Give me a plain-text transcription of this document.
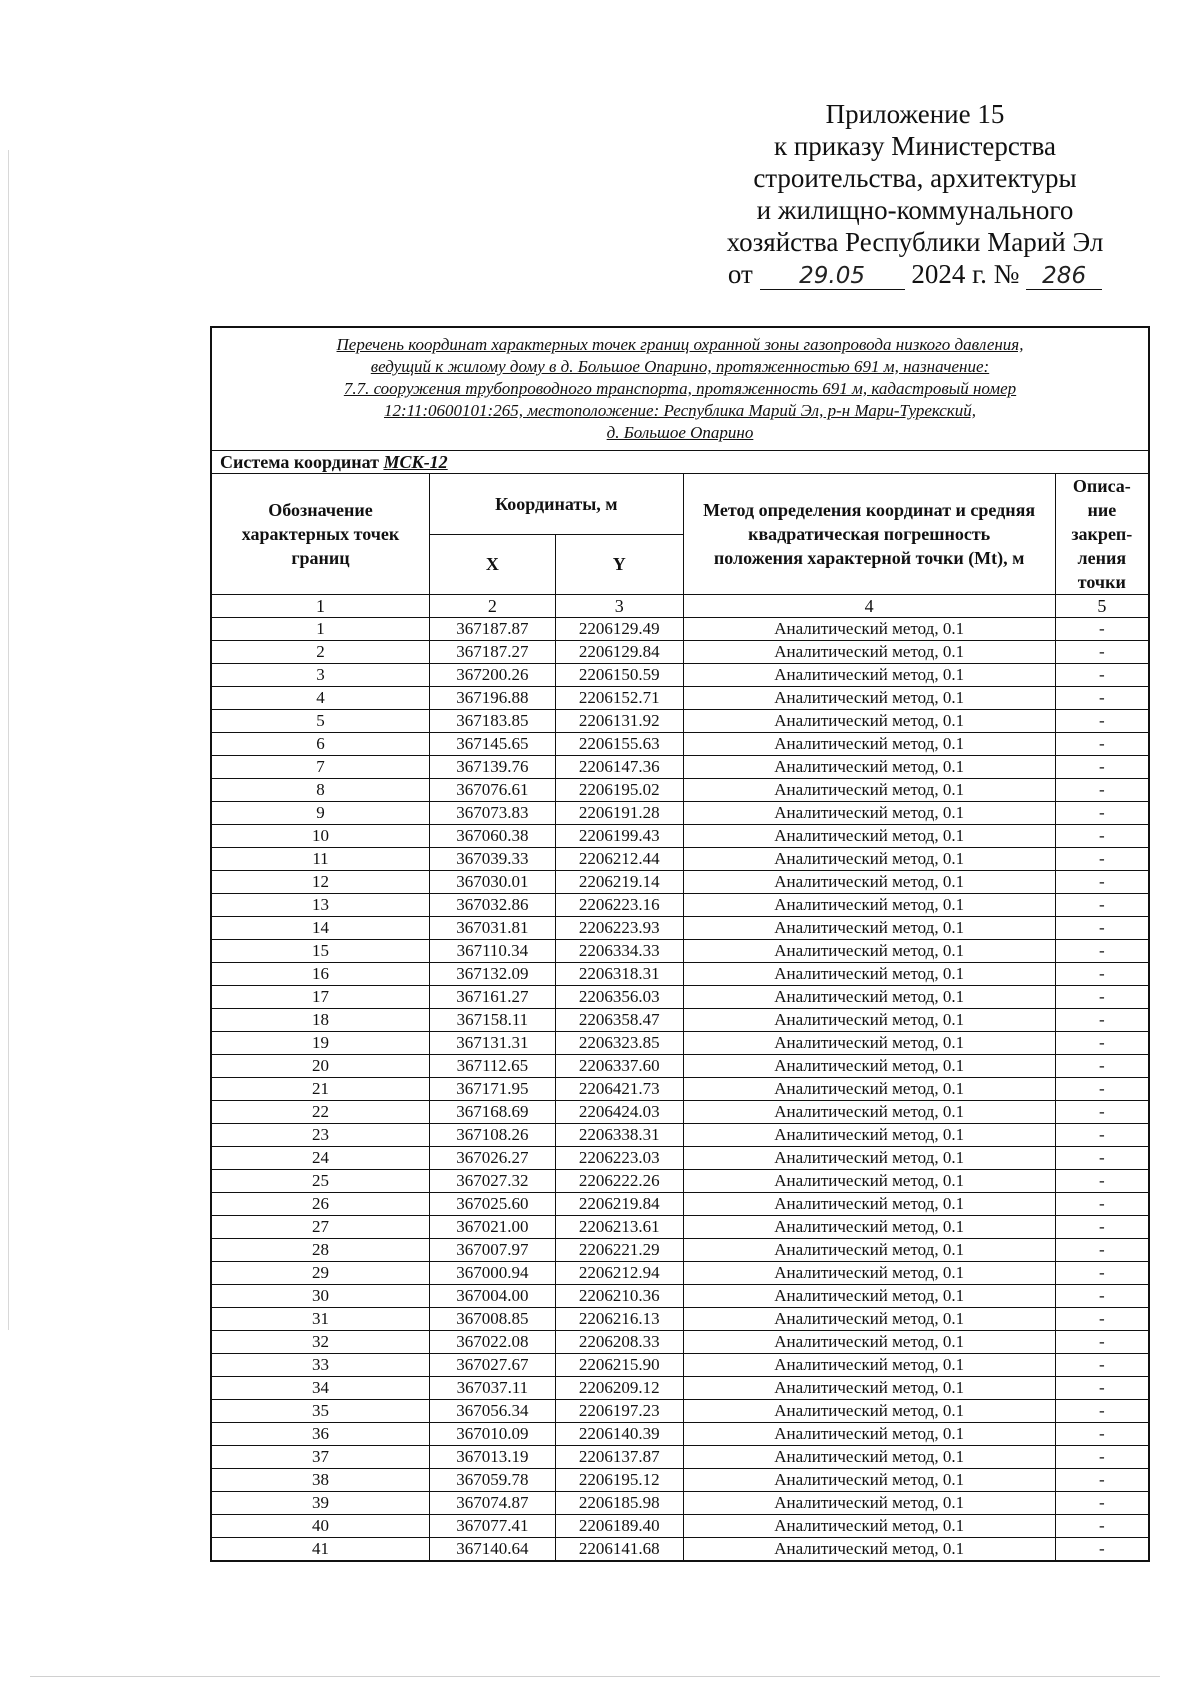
Приложение 15
к приказу Министерства
строительства, архитектуры
и жилищно-коммунального
хозяйства Республики Марий Эл
от 29.05 2024 г. № 286
Перечень координат характерных точек границ охранной зоны газопровода низкого давления,
ведущий к жилому дому в д. Большое Опарино, протяженностью 691 м, назначение:
7.7. сооружения трубопроводного транспорта, протяженность 691 м, кадастровый номер
12:11:0600101:265, местоположение: Республика Марий Эл, р-н Мари-Турекский,
д. Большое Опарино				

Система координат МСК-12				
Обозначение характерных точек границ	Координаты, м		Метод определения координат и средняя квадратическая погрешность положения характерной точки (Mt), м	Описа-ние закреп-ления точки
	X	Y		
1	2	3	4	5
1	367187.87	2206129.49	Аналитический метод, 0.1	-
2	367187.27	2206129.84	Аналитический метод, 0.1	-
3	367200.26	2206150.59	Аналитический метод, 0.1	-
4	367196.88	2206152.71	Аналитический метод, 0.1	-
5	367183.85	2206131.92	Аналитический метод, 0.1	-
6	367145.65	2206155.63	Аналитический метод, 0.1	-
7	367139.76	2206147.36	Аналитический метод, 0.1	-
8	367076.61	2206195.02	Аналитический метод, 0.1	-
9	367073.83	2206191.28	Аналитический метод, 0.1	-
10	367060.38	2206199.43	Аналитический метод, 0.1	-
11	367039.33	2206212.44	Аналитический метод, 0.1	-
12	367030.01	2206219.14	Аналитический метод, 0.1	-
13	367032.86	2206223.16	Аналитический метод, 0.1	-
14	367031.81	2206223.93	Аналитический метод, 0.1	-
15	367110.34	2206334.33	Аналитический метод, 0.1	-
16	367132.09	2206318.31	Аналитический метод, 0.1	-
17	367161.27	2206356.03	Аналитический метод, 0.1	-
18	367158.11	2206358.47	Аналитический метод, 0.1	-
19	367131.31	2206323.85	Аналитический метод, 0.1	-
20	367112.65	2206337.60	Аналитический метод, 0.1	-
21	367171.95	2206421.73	Аналитический метод, 0.1	-
22	367168.69	2206424.03	Аналитический метод, 0.1	-
23	367108.26	2206338.31	Аналитический метод, 0.1	-
24	367026.27	2206223.03	Аналитический метод, 0.1	-
25	367027.32	2206222.26	Аналитический метод, 0.1	-
26	367025.60	2206219.84	Аналитический метод, 0.1	-
27	367021.00	2206213.61	Аналитический метод, 0.1	-
28	367007.97	2206221.29	Аналитический метод, 0.1	-
29	367000.94	2206212.94	Аналитический метод, 0.1	-
30	367004.00	2206210.36	Аналитический метод, 0.1	-
31	367008.85	2206216.13	Аналитический метод, 0.1	-
32	367022.08	2206208.33	Аналитический метод, 0.1	-
33	367027.67	2206215.90	Аналитический метод, 0.1	-
34	367037.11	2206209.12	Аналитический метод, 0.1	-
35	367056.34	2206197.23	Аналитический метод, 0.1	-
36	367010.09	2206140.39	Аналитический метод, 0.1	-
37	367013.19	2206137.87	Аналитический метод, 0.1	-
38	367059.78	2206195.12	Аналитический метод, 0.1	-
39	367074.87	2206185.98	Аналитический метод, 0.1	-
40	367077.41	2206189.40	Аналитический метод, 0.1	-
41	367140.64	2206141.68	Аналитический метод, 0.1	-
